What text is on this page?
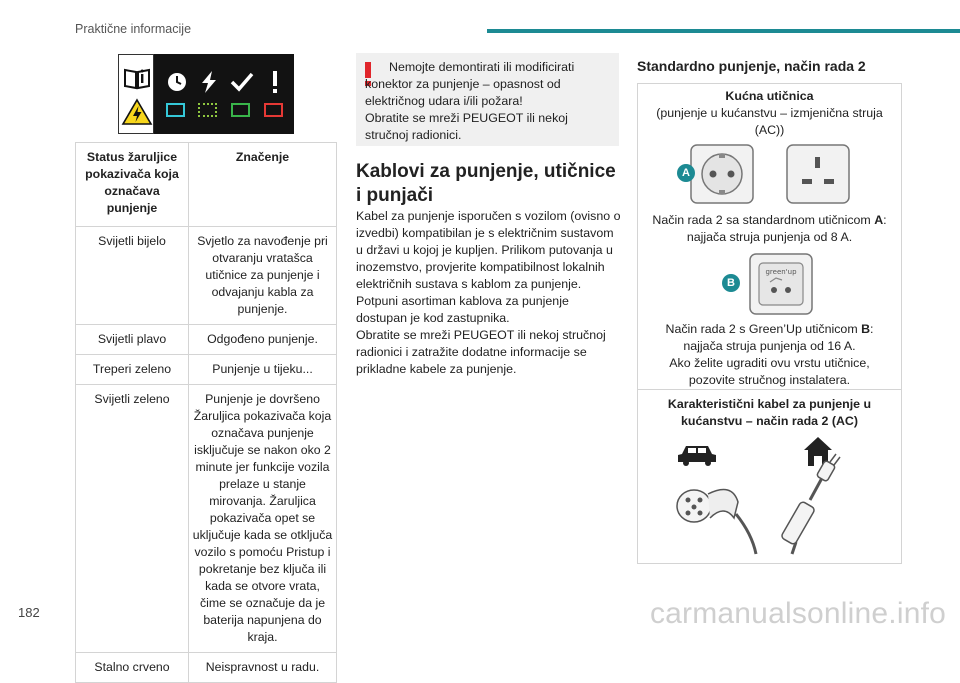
Praktične informacije
Status žaruljice pokazivača koja označava punjenje	Značenje
Svijetli bijelo	Svjetlo za navođenje pri otvaranju vratašca utičnice za punjenje i odvajanju kabla za punjenje.
Svijetli plavo	Odgođeno punjenje.
Treperi zeleno	Punjenje u tijeku...
Svijetli zeleno	Punjenje je dovršeno Žaruljica pokazivača koja označava punjenje isključuje se nakon oko 2 minute jer funkcije vozila prelaze u stanje mirovanja. Žaruljica pokazivača opet se uključuje kada se otključa vozilo s pomoću Pristup i pokretanje bez ključa ili kada se otvore vrata, čime se označuje da je baterija napunjena do kraja.
Stalno crveno	Neispravnost u radu.
Nemojte demontirati ili modificirati konektor za punjenje – opasnost od električnog udara i/ili požara!
Obratite se mreži PEUGEOT ili nekoj stručnoj radionici.
Kablovi za punjenje, utičnice i punjači
Kabel za punjenje isporučen s vozilom (ovisno o izvedbi) kompatibilan je s električnim sustavom u državi u kojoj je kupljen. Prilikom putovanja u inozemstvo, provjerite kompatibilnost lokalnih električnih sustava s kablom za punjenje.
Potpuni asortiman kablova za punjenje dostupan je kod zastupnika.
Obratite se mreži PEUGEOT ili nekoj stručnoj radionici i zatražite dodatne informacije se prikladne kabele za punjenje.
Standardno punjenje, način rada 2
Kućna utičnica
(punjenje u kućanstvu – izmjenična struja (AC))
A
Način rada 2 sa standardnom utičnicom A: najjača struja punjenja od 8 A.
green'up
B
Način rada 2 s Green’Up utičnicom B: najjača struja punjenja od 16 A.
Ako želite ugraditi ovu vrstu utičnice, pozovite stručnog instalatera.
Karakteristični kabel za punjenje u kućanstvu – način rada 2 (AC)
182	carmanualsonline.info
